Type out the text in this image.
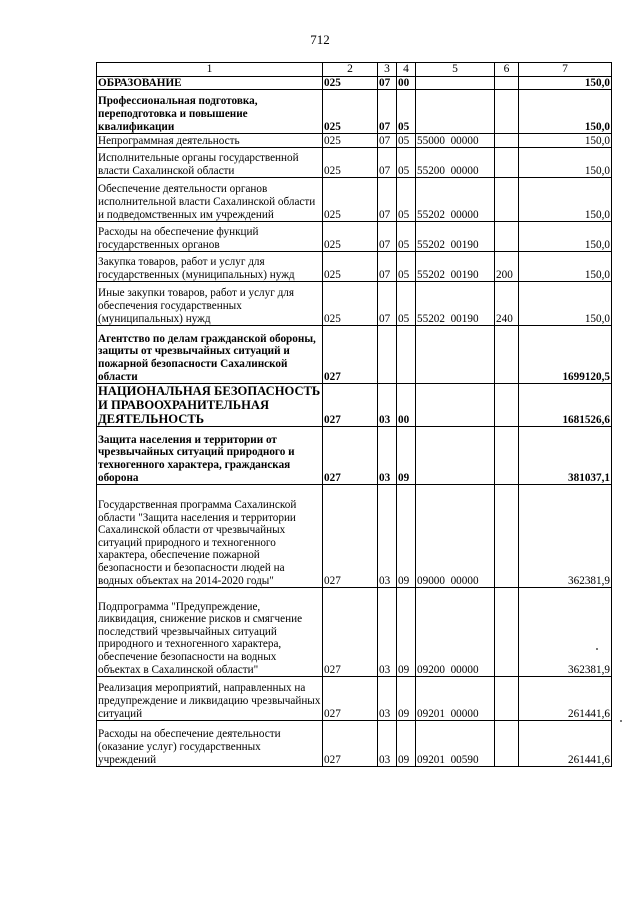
712
1	2	3	4	5	6	7
ОБРАЗОВАНИЕ	025	07	00			150,0
Профессиональная подготовка, переподготовка и повышение квалификации	025	07	05			150,0
Непрограммная деятельность	025	07	05	55000  00000		150,0
Исполнительные органы государственной власти Сахалинской области	025	07	05	55200  00000		150,0
Обеспечение деятельности органов исполнительной власти Сахалинской области и подведомственных им учреждений	025	07	05	55202  00000		150,0
Расходы на обеспечение функций государственных органов	025	07	05	55202  00190		150,0
Закупка товаров, работ и услуг для государственных (муниципальных) нужд	025	07	05	55202  00190	200	150,0
Иные закупки товаров, работ и услуг для обеспечения государственных (муниципальных) нужд	025	07	05	55202  00190	240	150,0
Агентство по делам гражданской обороны, защиты от чрезвычайных ситуаций и пожарной безопасности Сахалинской области	027					1699120,5
НАЦИОНАЛЬНАЯ БЕЗОПАСНОСТЬ И ПРАВООХРАНИТЕЛЬНАЯ ДЕЯТЕЛЬНОСТЬ	027	03	00			1681526,6
Защита населения и территории от чрезвычайных ситуаций природного и техногенного характера, гражданская оборона	027	03	09			381037,1
Государственная программа Сахалинской области "Защита населения и территории Сахалинской области от чрезвычайных ситуаций природного и техногенного характера, обеспечение пожарной безопасности и безопасности людей на водных объектах на 2014-2020 годы"	027	03	09	09000  00000		362381,9
Подпрограмма "Предупреждение, ликвидация, снижение рисков и смягчение последствий чрезвычайных ситуаций природного и техногенного характера, обеспечение безопасности на водных объектах в Сахалинской области"	027	03	09	09200  00000		362381,9
Реализация мероприятий, направленных на предупреждение и ликвидацию чрезвычайных ситуаций	027	03	09	09201  00000		261441,6
Расходы на обеспечение деятельности (оказание услуг) государственных учреждений	027	03	09	09201  00590		261441,6
